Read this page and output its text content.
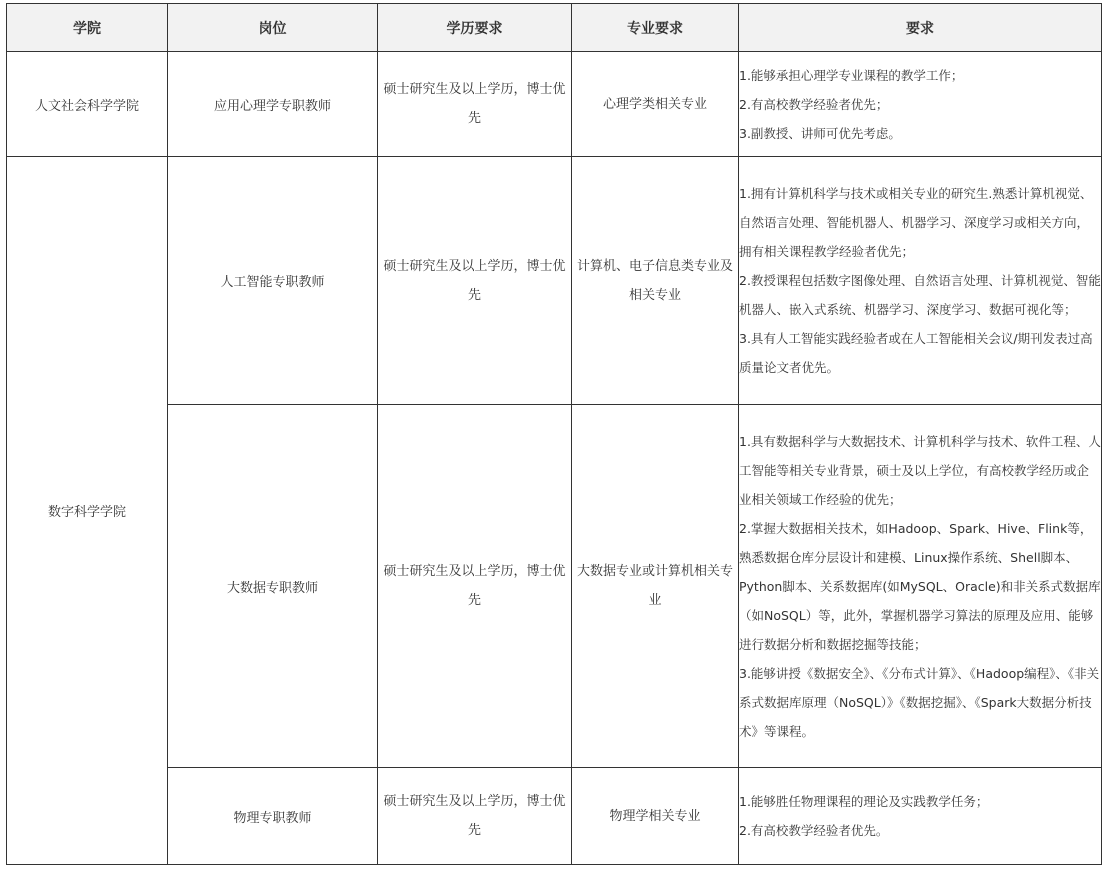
学院	岗位	学历要求	专业要求	要求
人文社会科学学院	应用心理学专职教师	硕士研究生及以上学历，博士优先	心理学类相关专业	1.能够承担心理学专业课程的教学工作；
2.有高校教学经验者优先；
3.副教授、讲师可优先考虑。

数字科学学院	人工智能专职教师	硕士研究生及以上学历，博士优先	计算机、电子信息类专业及相关专业	1.拥有计算机科学与技术或相关专业的研究生.熟悉计算机视觉、自然语言处理、智能机器人、机器学习、深度学习或相关方向，拥有相关课程教学经验者优先；
2.教授课程包括数字图像处理、自然语言处理、计算机视觉、智能机器人、嵌入式系统、机器学习、深度学习、数据可视化等；
3.具有人工智能实践经验者或在人工智能相关会议/期刊发表过高质量论文者优先。

	大数据专职教师	硕士研究生及以上学历，博士优先	大数据专业或计算机相关专业	1.具有数据科学与大数据技术、计算机科学与技术、软件工程、人工智能等相关专业背景，硕士及以上学位，有高校教学经历或企业相关领域工作经验的优先；
2.掌握大数据相关技术，如Hadoop、Spark、Hive、Flink等，熟悉数据仓库分层设计和建模、Linux操作系统、Shell脚本、Python脚本、关系数据库(如MySQL、Oracle)和非关系式数据库（如NoSQL）等，此外，掌握机器学习算法的原理及应用、能够进行数据分析和数据挖掘等技能；
3.能够讲授《数据安全》、《分布式计算》、《Hadoop编程》、《非关系式数据库原理（NoSQL）》《数据挖掘》、《Spark大数据分析技术》等课程。

	物理专职教师	硕士研究生及以上学历，博士优先	物理学相关专业	1.能够胜任物理课程的理论及实践教学任务；
2.有高校教学经验者优先。
